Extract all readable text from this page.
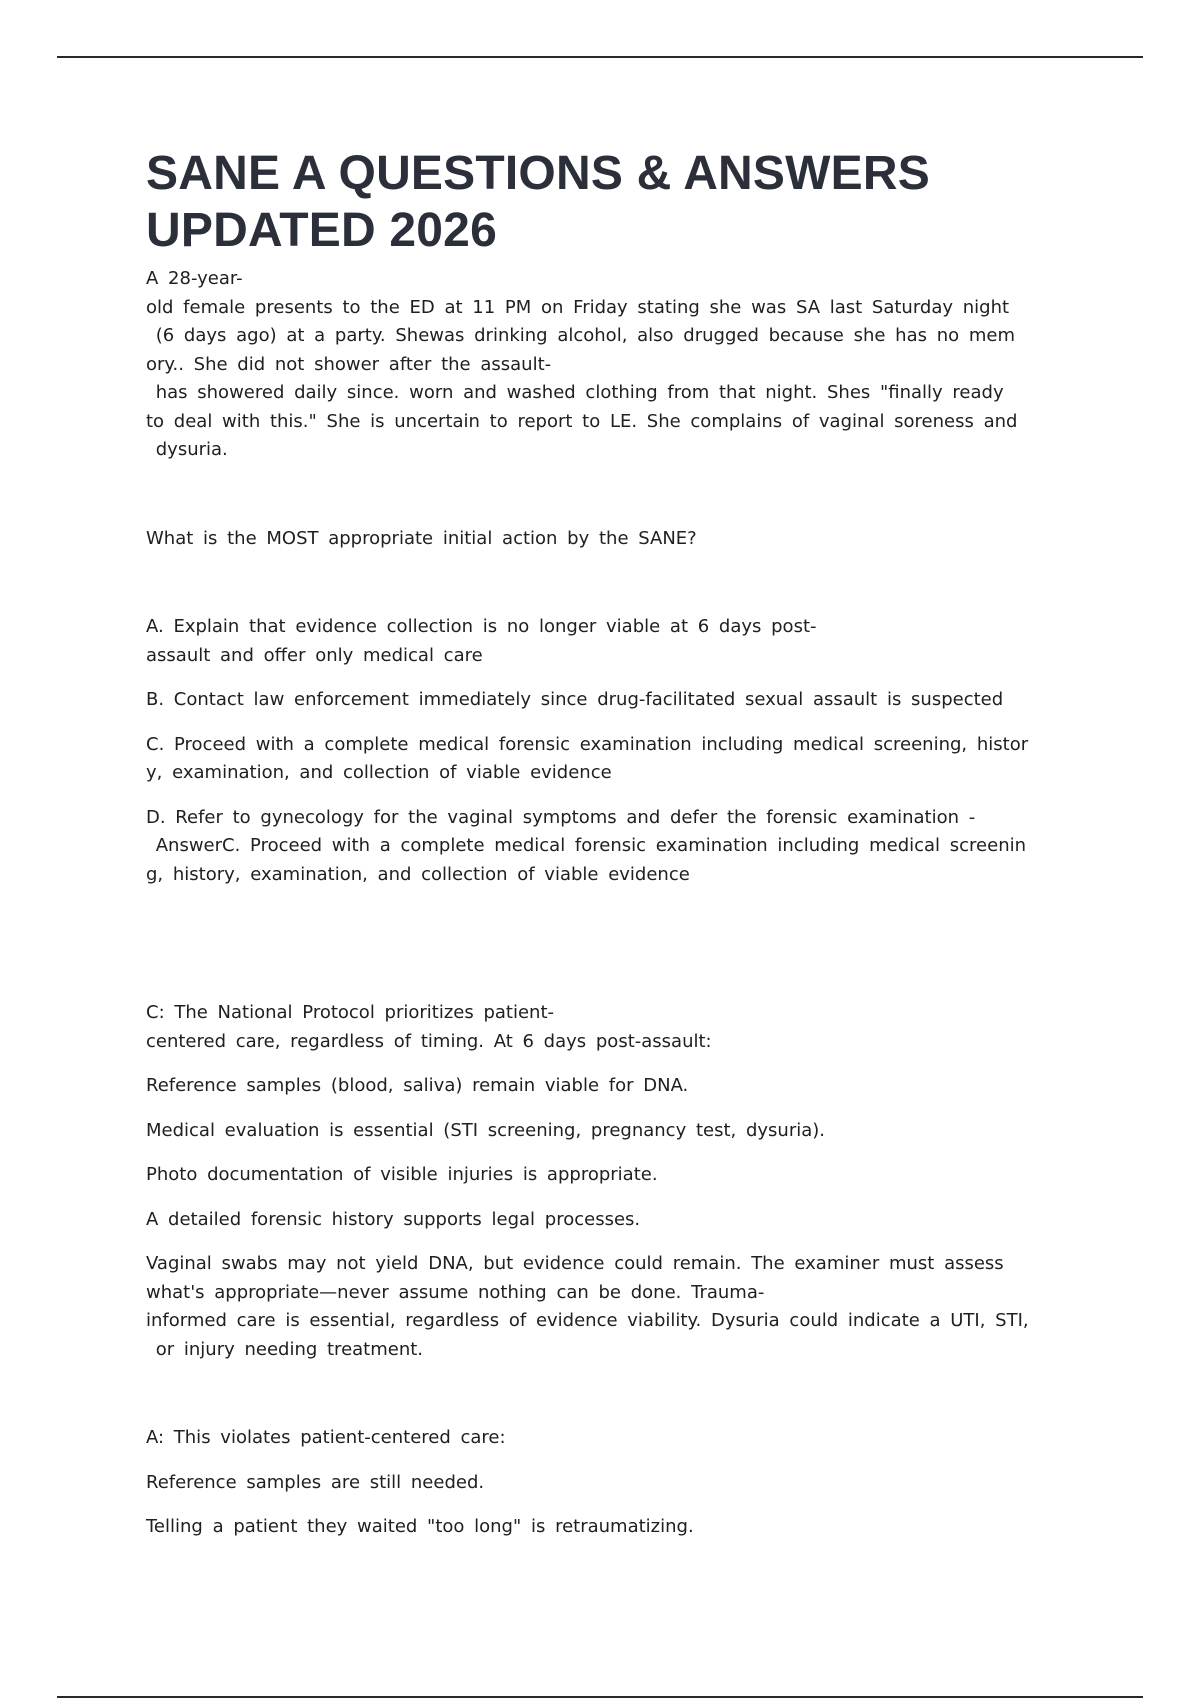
SANE A QUESTIONS & ANSWERS
UPDATED 2026

A 28-year-
old female presents to the ED at 11 PM on Friday stating she was SA last Saturday night
(6 days ago) at a party. Shewas drinking alcohol, also drugged because she has no mem
ory.. She did not shower after the assault-
has showered daily since. worn and washed clothing from that night. Shes "finally ready
to deal with this." She is uncertain to report to LE. She complains of vaginal soreness and
dysuria.

What is the MOST appropriate initial action by the SANE?

A. Explain that evidence collection is no longer viable at 6 days post-
assault and offer only medical care

B. Contact law enforcement immediately since drug-facilitated sexual assault is suspected

C. Proceed with a complete medical forensic examination including medical screening, histor
y, examination, and collection of viable evidence

D. Refer to gynecology for the vaginal symptoms and defer the forensic examination -
AnswerC. Proceed with a complete medical forensic examination including medical screenin
g, history, examination, and collection of viable evidence

C: The National Protocol prioritizes patient-
centered care, regardless of timing. At 6 days post-assault:

Reference samples (blood, saliva) remain viable for DNA.

Medical evaluation is essential (STI screening, pregnancy test, dysuria).

Photo documentation of visible injuries is appropriate.

A detailed forensic history supports legal processes.

Vaginal swabs may not yield DNA, but evidence could remain. The examiner must assess
what's appropriate—never assume nothing can be done. Trauma-
informed care is essential, regardless of evidence viability. Dysuria could indicate a UTI, STI,
or injury needing treatment.

A: This violates patient-centered care:

Reference samples are still needed.

Telling a patient they waited "too long" is retraumatizing.
